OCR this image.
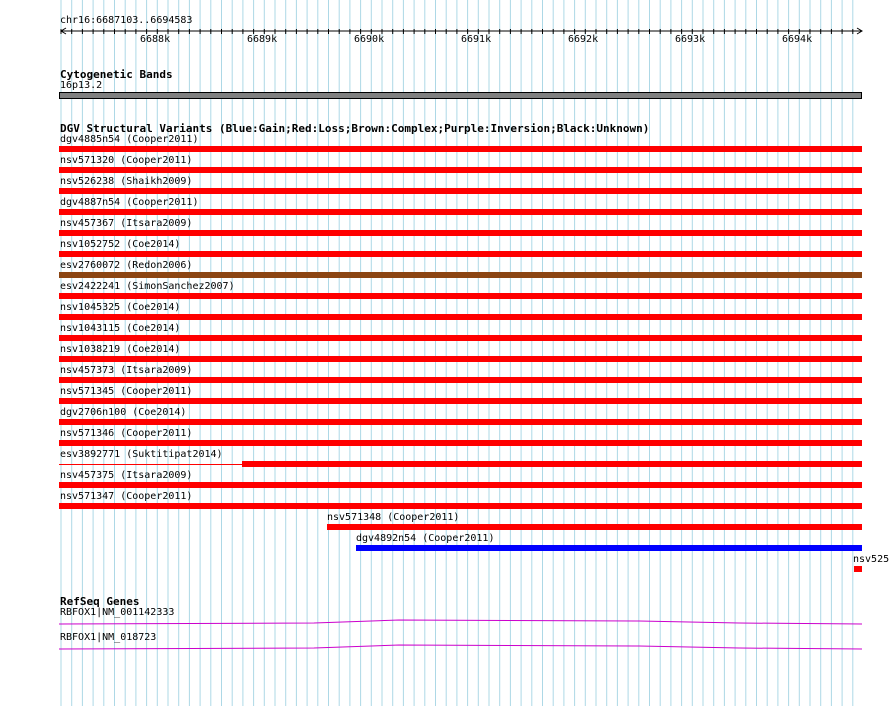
chr16:6687103..6694583
6688k	6689k	6690k	6691k	6692k	6693k	6694k
Cytogenetic Bands
16p13.2
DGV Structural Variants (Blue:Gain;Red:Loss;Brown:Complex;Purple:Inversion;Black:Unknown)
dgv4885n54 (Cooper2011)
nsv571320 (Cooper2011)
nsv526238 (Shaikh2009)
dgv4887n54 (Cooper2011)
nsv457367 (Itsara2009)
nsv1052752 (Coe2014)
esv2760072 (Redon2006)
esv2422241 (SimonSanchez2007)
nsv1045325 (Coe2014)
nsv1043115 (Coe2014)
nsv1038219 (Coe2014)
nsv457373 (Itsara2009)
nsv571345 (Cooper2011)
dgv2706n100 (Coe2014)
nsv571346 (Cooper2011)
esv3892771 (Suktitipat2014)
nsv457375 (Itsara2009)
nsv571347 (Cooper2011)
nsv571348 (Cooper2011)
dgv4892n54 (Cooper2011)
nsv525
RefSeq Genes
RBFOX1|NM_001142333
RBFOX1|NM_018723
